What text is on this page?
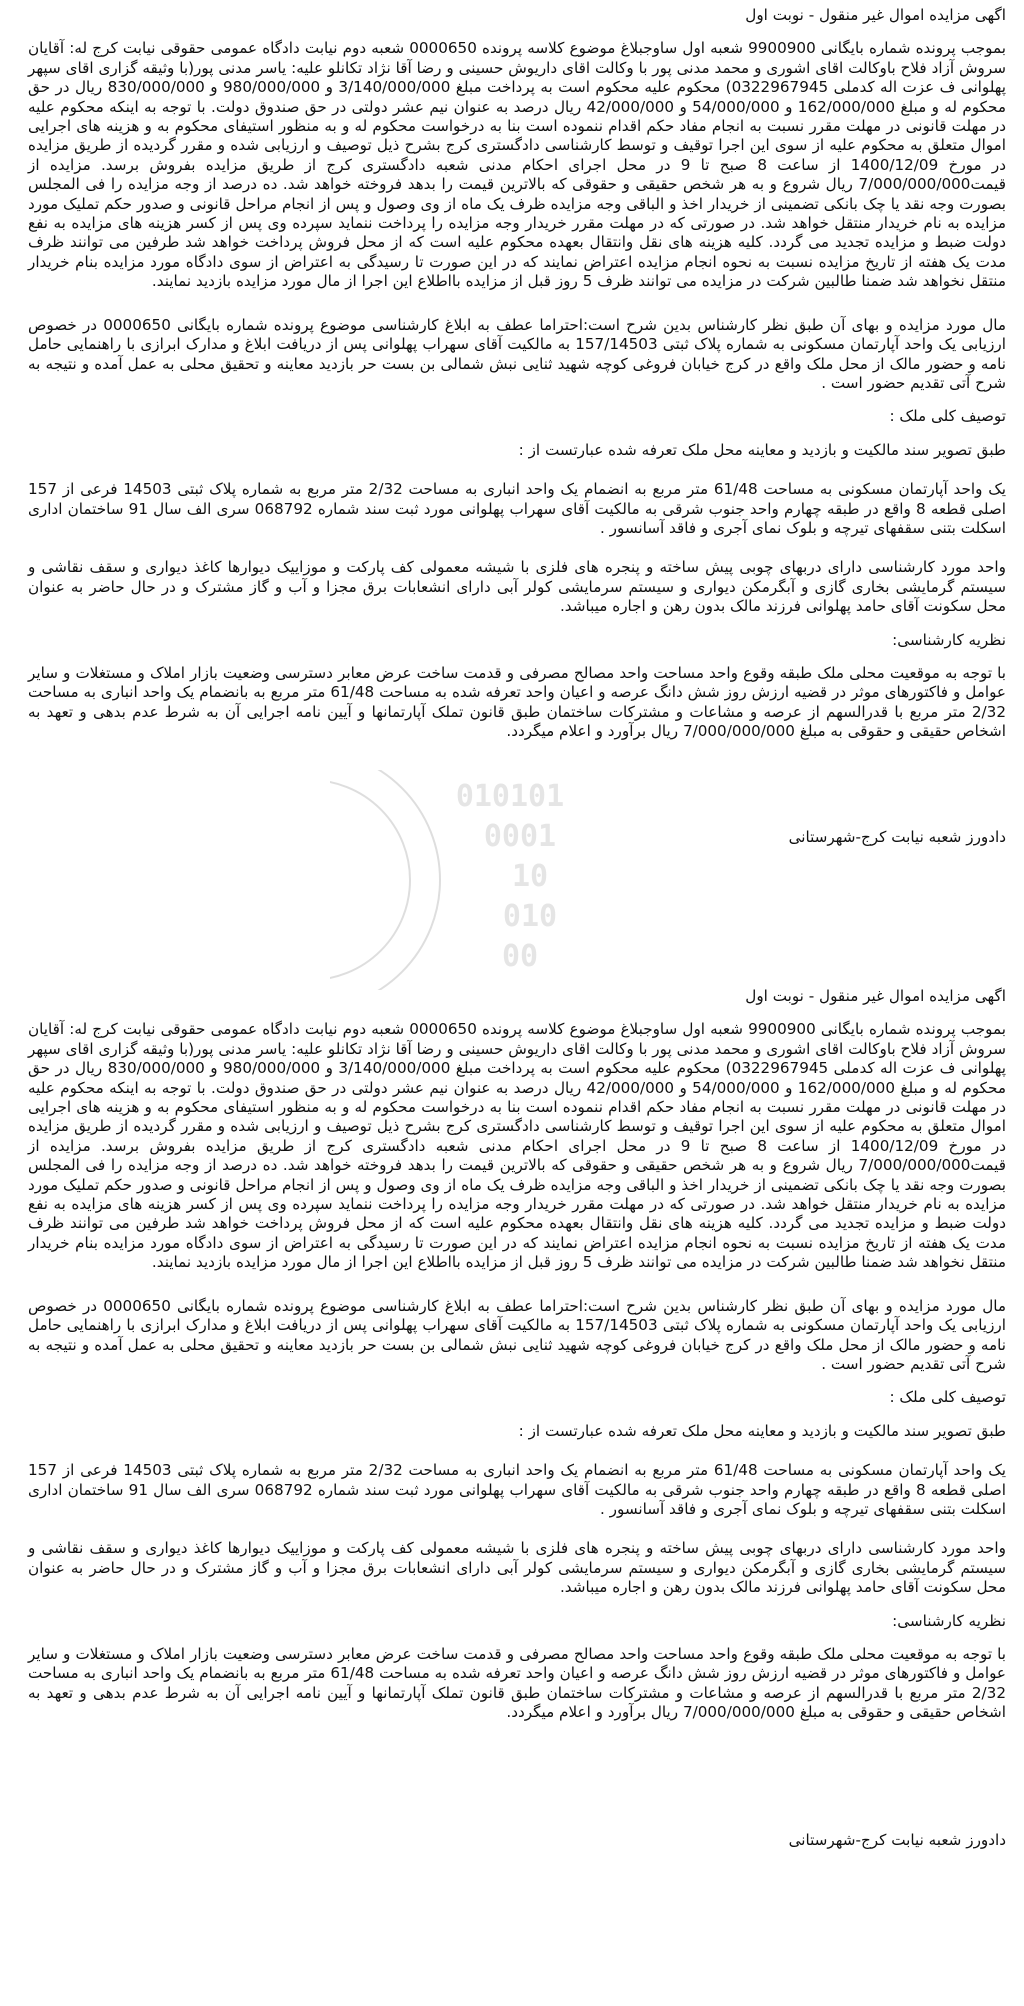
010101
0001
10
010
00

اگهی مزایده اموال غیر منقول - نوبت اول

بموجب پرونده شماره بایگانی 9900900 شعبه اول ساوجبلاغ موضوع کلاسه پرونده 0000650 شعبه دوم نیابت دادگاه عمومی حقوقی نیابت کرج له: آقایان سروش آزاد فلاح باوکالت اقای اشوری و محمد مدنی پور با وکالت اقای داریوش حسینی و رضا آقا نژاد تکانلو علیه: یاسر مدنی پور(با وثیقه گزاری اقای سپهر پهلوانی ف عزت اله کدملی 0322967945) محکوم علیه محکوم است به پرداخت مبلغ 3/140/000/000 و 980/000/000 و 830/000/000 ریال در حق محکوم له و مبلغ 162/000/000 و 54/000/000 و 42/000/000 ریال درصد به عنوان نیم عشر دولتی در حق صندوق دولت. با توجه به اینکه محکوم علیه در مهلت قانونی در مهلت مقرر نسبت به انجام مفاد حکم اقدام ننموده است بنا به درخواست محکوم له و به منظور استیفای محکوم به و هزینه های اجرایی اموال متعلق به محکوم علیه از سوی این اجرا توقیف و توسط کارشناسی دادگستری کرج بشرح ذیل توصیف و ارزیابی شده و مقرر گردیده از طریق مزایده در مورخ 1400/12/09 از ساعت 8 صبح تا 9 در محل اجرای احکام مدنی شعبه دادگستری کرج از طریق مزایده بفروش برسد. مزایده از قیمت7/000/000/000 ریال شروع و به هر شخص حقیقی و حقوقی که بالاترین قیمت را بدهد فروخته خواهد شد. ده درصد از وجه مزایده را فی المجلس بصورت وجه نقد یا چک بانکی تضمینی از خریدار اخذ و الباقی وجه مزایده ظرف یک ماه از وی وصول و پس از انجام مراحل قانونی و صدور حکم تملیک مورد مزایده به نام خریدار منتقل خواهد شد. در صورتی که در مهلت مقرر خریدار وجه مزایده را پرداخت ننماید سپرده وی پس از کسر هزینه های مزایده به نفع دولت ضبط و مزایده تجدید می گردد. کلیه هزینه های نقل وانتقال بعهده محکوم علیه است که از محل فروش پرداخت خواهد شد طرفین می توانند ظرف مدت یک هفته از تاریخ مزایده نسبت به نحوه انجام مزایده اعتراض نمایند که در این صورت تا رسیدگی به اعتراض از سوی دادگاه مورد مزایده بنام خریدار منتقل نخواهد شد ضمنا طالبین شرکت در مزایده می توانند ظرف 5 روز قبل از مزایده بااطلاع این اجرا از مال مورد مزایده بازدید نمایند.

مال مورد مزایده و بهای آن طبق نظر کارشناس بدین شرح است:احتراما عطف به ابلاغ کارشناسی موضوع پرونده شماره بایگانی 0000650 در خصوص ارزیابی یک واحد آپارتمان مسکونی به شماره پلاک ثبتی 157/14503 به مالکیت آقای سهراب پهلوانی پس از دریافت ابلاغ و مدارک ابرازی با راهنمایی حامل نامه و حضور مالک از محل ملک واقع در کرج خیابان فروغی کوچه شهید ثنایی نبش شمالی بن بست حر بازدید معاینه و تحقیق محلی به عمل آمده و نتیجه به شرح آتی تقدیم حضور است .

توصیف کلی ملک :

طبق تصویر سند مالکیت و بازدید و معاینه محل ملک تعرفه شده عبارتست از :

یک واحد آپارتمان مسکونی به مساحت 61/48 متر مربع به انضمام یک واحد انباری به مساحت 2/32 متر مربع به شماره پلاک ثبتی 14503 فرعی از 157 اصلی قطعه 8 واقع در طبقه چهارم واحد جنوب شرقی به مالکیت آقای سهراب پهلوانی مورد ثبت سند شماره 068792 سری الف سال 91 ساختمان اداری اسکلت بتنی سقفهای تیرچه و بلوک نمای آجری و فاقد آسانسور .

واحد مورد کارشناسی دارای دربهای چوبی پیش ساخته و پنجره های فلزی با شیشه معمولی کف پارکت و موزاییک دیوارها کاغذ دیواری و سقف نقاشی و سیستم گرمایشی بخاری گازی و آبگرمکن دیواری و سیستم سرمایشی کولر آبی دارای انشعابات برق مجزا و آب و گاز مشترک و در حال حاضر به عنوان محل سکونت آقای حامد پهلوانی فرزند مالک بدون رهن و اجاره میباشد.

نظریه کارشناسی:

با توجه به موقعیت محلی ملک طبقه وقوع واحد مساحت واحد مصالح مصرفی و قدمت ساخت عرض معابر دسترسی وضعیت بازار املاک و مستغلات و سایر عوامل و فاکتورهای موثر در قضیه ارزش روز شش دانگ عرصه و اعیان واحد تعرفه شده به مساحت 61/48 متر مربع به بانضمام یک واحد انباری به مساحت 2/32 متر مربع با قدرالسهم از عرصه و مشاعات و مشترکات ساختمان طبق قانون تملک آپارتمانها و آیین نامه اجرایی آن به شرط عدم بدهی و تعهد به اشخاص حقیقی و حقوقی به مبلغ 7/000/000/000 ریال برآورد و اعلام میگردد.

دادورز شعبه نیابت کرج-شهرستانی

اگهی مزایده اموال غیر منقول - نوبت اول

بموجب پرونده شماره بایگانی 9900900 شعبه اول ساوجبلاغ موضوع کلاسه پرونده 0000650 شعبه دوم نیابت دادگاه عمومی حقوقی نیابت کرج له: آقایان سروش آزاد فلاح باوکالت اقای اشوری و محمد مدنی پور با وکالت اقای داریوش حسینی و رضا آقا نژاد تکانلو علیه: یاسر مدنی پور(با وثیقه گزاری اقای سپهر پهلوانی ف عزت اله کدملی 0322967945) محکوم علیه محکوم است به پرداخت مبلغ 3/140/000/000 و 980/000/000 و 830/000/000 ریال در حق محکوم له و مبلغ 162/000/000 و 54/000/000 و 42/000/000 ریال درصد به عنوان نیم عشر دولتی در حق صندوق دولت. با توجه به اینکه محکوم علیه در مهلت قانونی در مهلت مقرر نسبت به انجام مفاد حکم اقدام ننموده است بنا به درخواست محکوم له و به منظور استیفای محکوم به و هزینه های اجرایی اموال متعلق به محکوم علیه از سوی این اجرا توقیف و توسط کارشناسی دادگستری کرج بشرح ذیل توصیف و ارزیابی شده و مقرر گردیده از طریق مزایده در مورخ 1400/12/09 از ساعت 8 صبح تا 9 در محل اجرای احکام مدنی شعبه دادگستری کرج از طریق مزایده بفروش برسد. مزایده از قیمت7/000/000/000 ریال شروع و به هر شخص حقیقی و حقوقی که بالاترین قیمت را بدهد فروخته خواهد شد. ده درصد از وجه مزایده را فی المجلس بصورت وجه نقد یا چک بانکی تضمینی از خریدار اخذ و الباقی وجه مزایده ظرف یک ماه از وی وصول و پس از انجام مراحل قانونی و صدور حکم تملیک مورد مزایده به نام خریدار منتقل خواهد شد. در صورتی که در مهلت مقرر خریدار وجه مزایده را پرداخت ننماید سپرده وی پس از کسر هزینه های مزایده به نفع دولت ضبط و مزایده تجدید می گردد. کلیه هزینه های نقل وانتقال بعهده محکوم علیه است که از محل فروش پرداخت خواهد شد طرفین می توانند ظرف مدت یک هفته از تاریخ مزایده نسبت به نحوه انجام مزایده اعتراض نمایند که در این صورت تا رسیدگی به اعتراض از سوی دادگاه مورد مزایده بنام خریدار منتقل نخواهد شد ضمنا طالبین شرکت در مزایده می توانند ظرف 5 روز قبل از مزایده بااطلاع این اجرا از مال مورد مزایده بازدید نمایند.

مال مورد مزایده و بهای آن طبق نظر کارشناس بدین شرح است:احتراما عطف به ابلاغ کارشناسی موضوع پرونده شماره بایگانی 0000650 در خصوص ارزیابی یک واحد آپارتمان مسکونی به شماره پلاک ثبتی 157/14503 به مالکیت آقای سهراب پهلوانی پس از دریافت ابلاغ و مدارک ابرازی با راهنمایی حامل نامه و حضور مالک از محل ملک واقع در کرج خیابان فروغی کوچه شهید ثنایی نبش شمالی بن بست حر بازدید معاینه و تحقیق محلی به عمل آمده و نتیجه به شرح آتی تقدیم حضور است .

توصیف کلی ملک :

طبق تصویر سند مالکیت و بازدید و معاینه محل ملک تعرفه شده عبارتست از :

یک واحد آپارتمان مسکونی به مساحت 61/48 متر مربع به انضمام یک واحد انباری به مساحت 2/32 متر مربع به شماره پلاک ثبتی 14503 فرعی از 157 اصلی قطعه 8 واقع در طبقه چهارم واحد جنوب شرقی به مالکیت آقای سهراب پهلوانی مورد ثبت سند شماره 068792 سری الف سال 91 ساختمان اداری اسکلت بتنی سقفهای تیرچه و بلوک نمای آجری و فاقد آسانسور .

واحد مورد کارشناسی دارای دربهای چوبی پیش ساخته و پنجره های فلزی با شیشه معمولی کف پارکت و موزاییک دیوارها کاغذ دیواری و سقف نقاشی و سیستم گرمایشی بخاری گازی و آبگرمکن دیواری و سیستم سرمایشی کولر آبی دارای انشعابات برق مجزا و آب و گاز مشترک و در حال حاضر به عنوان محل سکونت آقای حامد پهلوانی فرزند مالک بدون رهن و اجاره میباشد.

نظریه کارشناسی:

با توجه به موقعیت محلی ملک طبقه وقوع واحد مساحت واحد مصالح مصرفی و قدمت ساخت عرض معابر دسترسی وضعیت بازار املاک و مستغلات و سایر عوامل و فاکتورهای موثر در قضیه ارزش روز شش دانگ عرصه و اعیان واحد تعرفه شده به مساحت 61/48 متر مربع به بانضمام یک واحد انباری به مساحت 2/32 متر مربع با قدرالسهم از عرصه و مشاعات و مشترکات ساختمان طبق قانون تملک آپارتمانها و آیین نامه اجرایی آن به شرط عدم بدهی و تعهد به اشخاص حقیقی و حقوقی به مبلغ 7/000/000/000 ریال برآورد و اعلام میگردد.

دادورز شعبه نیابت کرج-شهرستانی
